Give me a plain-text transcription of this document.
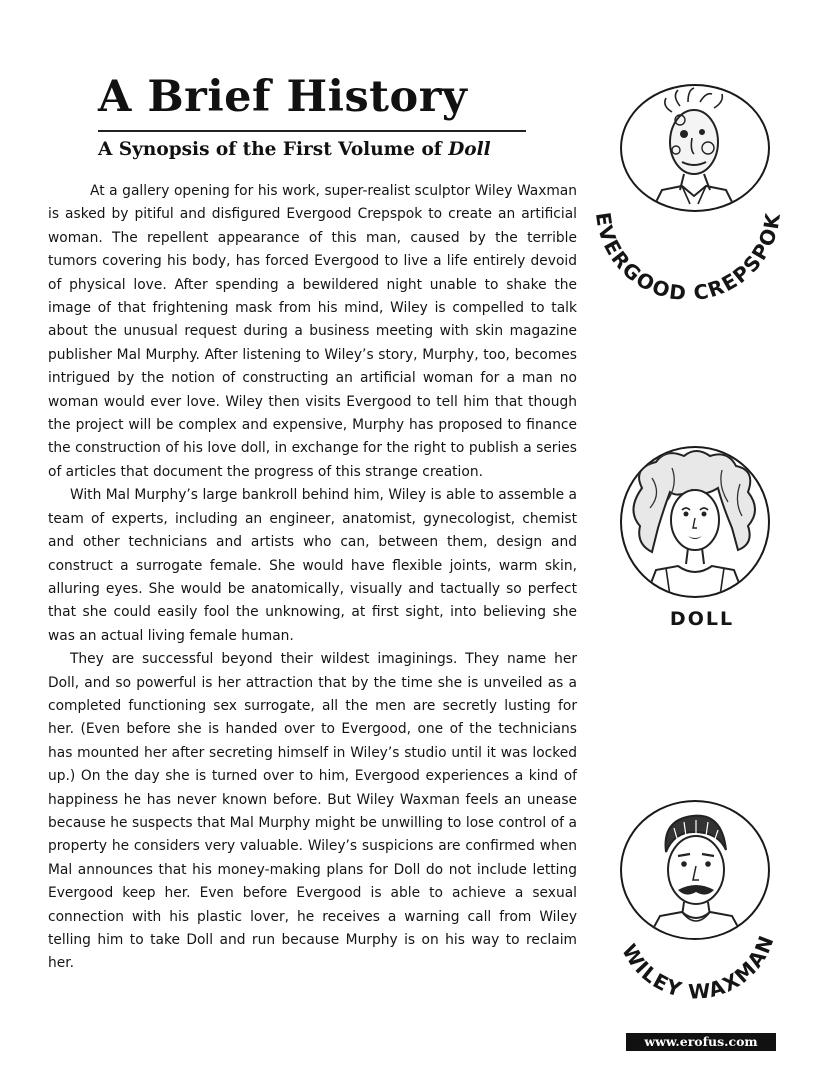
A Brief History
A Synopsis of the First Volume of Doll

At a gallery opening for his work, super-realist sculptor Wiley Waxman is asked by pitiful and disfigured Evergood Crepspok to create an artificial woman. The repellent appearance of this man, caused by the terrible tumors covering his body, has forced Evergood to live a life entirely devoid of physical love. After spending a bewildered night unable to shake the image of that frightening mask from his mind, Wiley is compelled to talk about the unusual request during a business meeting with skin magazine publisher Mal Murphy. After listening to Wiley’s story, Murphy, too, becomes intrigued by the notion of constructing an artificial woman for a man no woman would ever love. Wiley then visits Evergood to tell him that though the project will be complex and expensive, Murphy has proposed to finance the construction of his love doll, in exchange for the right to publish a series of articles that document the progress of this strange creation.

With Mal Murphy’s large bankroll behind him, Wiley is able to assemble a team of experts, including an engineer, anatomist, gynecologist, chemist and other technicians and artists who can, between them, design and construct a surrogate female. She would have flexible joints, warm skin, alluring eyes. She would be anatomically, visually and tactually so perfect that she could easily fool the unknowing, at first sight, into believing she was an actual living female human.

They are successful beyond their wildest imaginings. They name her Doll, and so powerful is her attraction that by the time she is unveiled as a completed functioning sex surrogate, all the men are secretly lusting for her. (Even before she is handed over to Evergood, one of the technicians has mounted her after secreting himself in Wiley’s studio until it was locked up.) On the day she is turned over to him, Evergood experiences a kind of happiness he has never known before. But Wiley Waxman feels an unease because he suspects that Mal Murphy might be unwilling to lose control of a property he considers very valuable. Wiley’s suspicions are confirmed when Mal announces that his money-making plans for Doll do not include letting Evergood keep her. Even before Evergood is able to achieve a sexual connection with his plastic lover, he receives a warning call from Wiley telling him to take Doll and run because Murphy is on his way to reclaim her.

EVERGOOD CREPSPOK
DOLL
WILEY WAXMAN
www.erofus.com
